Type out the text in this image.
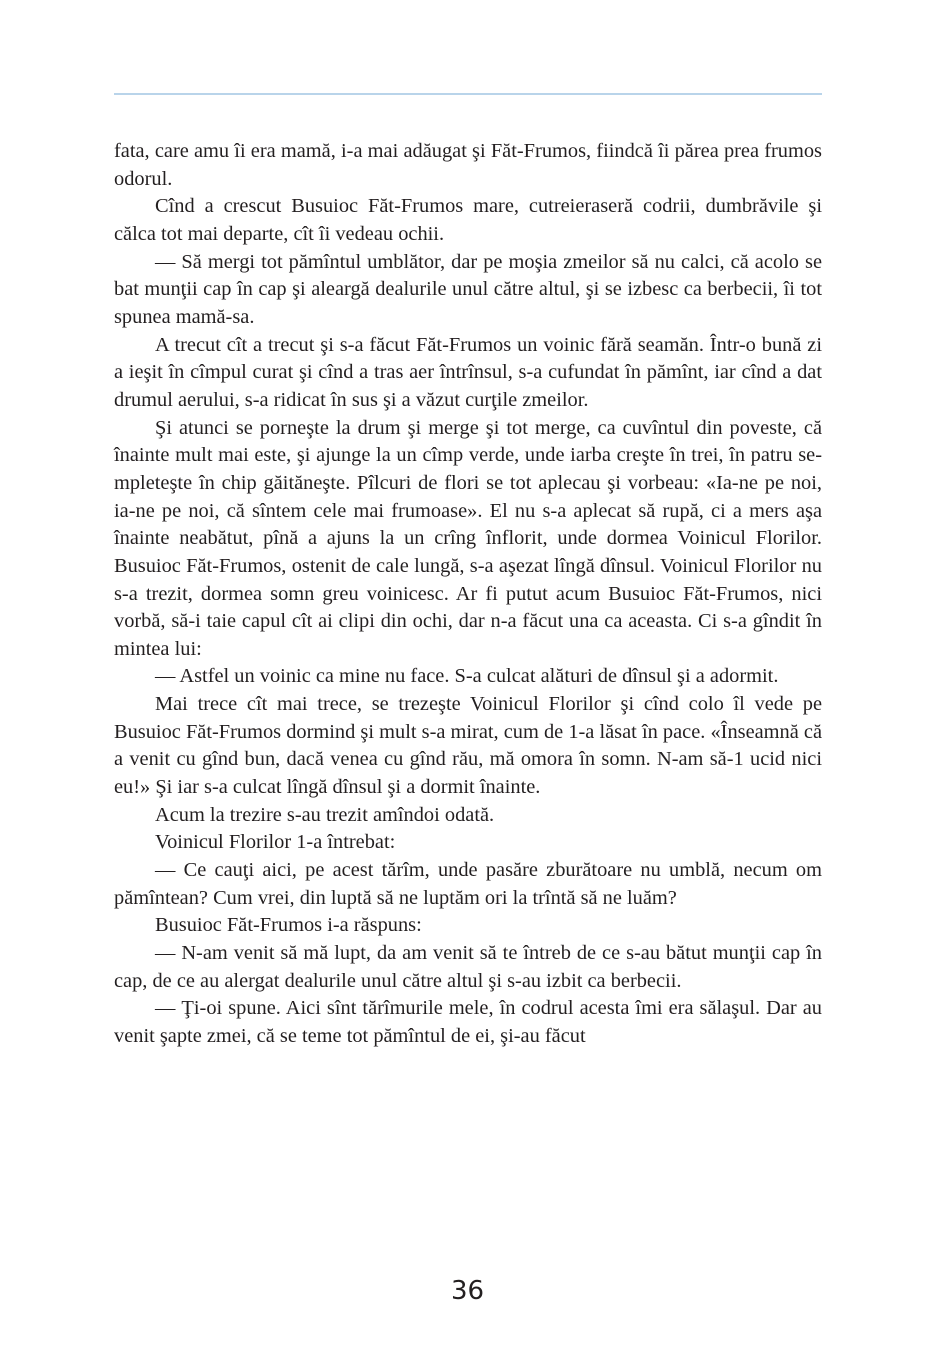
fata, care amu îi era mamă, i-a mai adăugat şi Făt-Frumos, fiindcă îi părea prea frumos odorul.

Cînd a crescut Busuioc Făt-Frumos mare, cutreieraseră codrii, dumbrăvile şi călca tot mai departe, cît îi vedeau ochii.

— Să mergi tot pămîntul umblător, dar pe moşia zmeilor să nu calci, că acolo se bat munţii cap în cap şi aleargă dealurile unul către altul, şi se izbesc ca berbecii, îi tot spunea mamă-sa.

A trecut cît a trecut şi s-a făcut Făt-Frumos un voinic fără seamăn. Într-o bună zi a ieşit în cîmpul curat şi cînd a tras aer întrînsul, s-a cufundat în pămînt, iar cînd a dat drumul aerului, s-a ridicat în sus şi a văzut curţile zmeilor.

Şi atunci se porneşte la drum şi merge şi tot merge, ca cuvîntul din poveste, că înainte mult mai este, şi ajunge la un cîmp verde, unde iarba creşte în trei, în patru se-mpleteşte în chip găităneşte. Pîlcuri de flori se tot aplecau şi vorbeau: «Ia-ne pe noi, ia-ne pe noi, că sîntem cele mai frumoase». El nu s-a aplecat să rupă, ci a mers aşa înainte neabătut, pînă a ajuns la un crîng înflorit, unde dormea Voinicul Florilor. Busuioc Făt-Frumos, ostenit de cale lungă, s-a aşezat lîngă dînsul. Voinicul Florilor nu s-a trezit, dormea somn greu voinicesc. Ar fi putut acum Busuioc Făt-Frumos, nici vorbă, să-i taie capul cît ai clipi din ochi, dar n-a făcut una ca aceasta. Ci s-a gîndit în mintea lui:

— Astfel un voinic ca mine nu face. S-a culcat alături de dînsul şi a adormit.

Mai trece cît mai trece, se trezeşte Voinicul Florilor şi cînd colo îl vede pe Busuioc Făt-Frumos dormind şi mult s-a mirat, cum de 1-a lăsat în pace. «Înseamnă că a venit cu gînd bun, dacă venea cu gînd rău, mă omora în somn. N-am să-1 ucid nici eu!» Şi iar s-a culcat lîngă dînsul şi a dormit înainte.

Acum la trezire s-au trezit amîndoi odată.

Voinicul Florilor 1-a întrebat:

— Ce cauţi aici, pe acest tărîm, unde pasăre zburătoare nu umblă, necum om pămîntean? Cum vrei, din luptă să ne luptăm ori la trîntă să ne luăm?

Busuioc Făt-Frumos i-a răspuns:

— N-am venit să mă lupt, da am venit să te întreb de ce s-au bătut munţii cap în cap, de ce au alergat dealurile unul către altul şi s-au izbit ca berbecii.

— Ţi-oi spune. Aici sînt tărîmurile mele, în codrul acesta îmi era sălaşul. Dar au venit şapte zmei, că se teme tot pămîntul de ei, şi-au făcut

36
